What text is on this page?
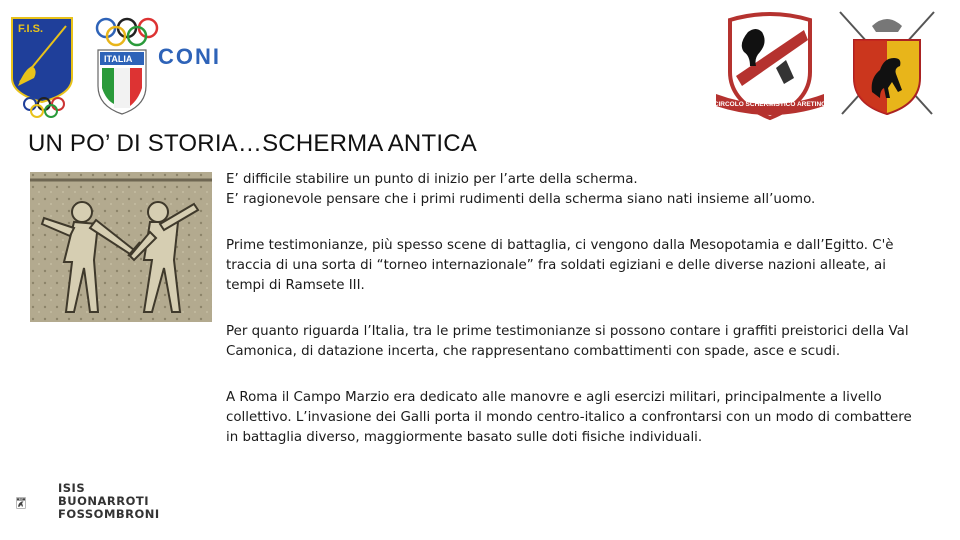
F.I.S.
ITALIA CONI
CIRCOLO SCHERMISTICO ARETINO
UN PO’ DI STORIA…SCHERMA ANTICA

E’ difficile stabilire un punto di inizio per l’arte della scherma.
E’ ragionevole pensare che i primi rudimenti della scherma siano nati insieme all’uomo.

Prime testimonianze, più spesso scene di battaglia, ci vengono dalla Mesopotamia e dall’Egitto. C'è traccia di una sorta di “torneo internazionale” fra soldati egiziani e delle diverse nazioni alleate, ai tempi di Ramsete III.

Per quanto riguarda l’Italia, tra le prime testimonianze si possono contare i graffiti preistorici della Val Camonica, di datazione incerta, che rappresentano combattimenti con spade, asce e scudi.

A Roma il Campo Marzio era dedicato alle manovre e agli esercizi militari, principalmente a livello collettivo. L’invasione dei Galli porta il mondo centro-italico a confrontarsi con un modo di combattere in battaglia diverso, maggiormente basato sulle doti fisiche individuali.

B•F
ISIS
BUONARROTI
FOSSOMBRONI
